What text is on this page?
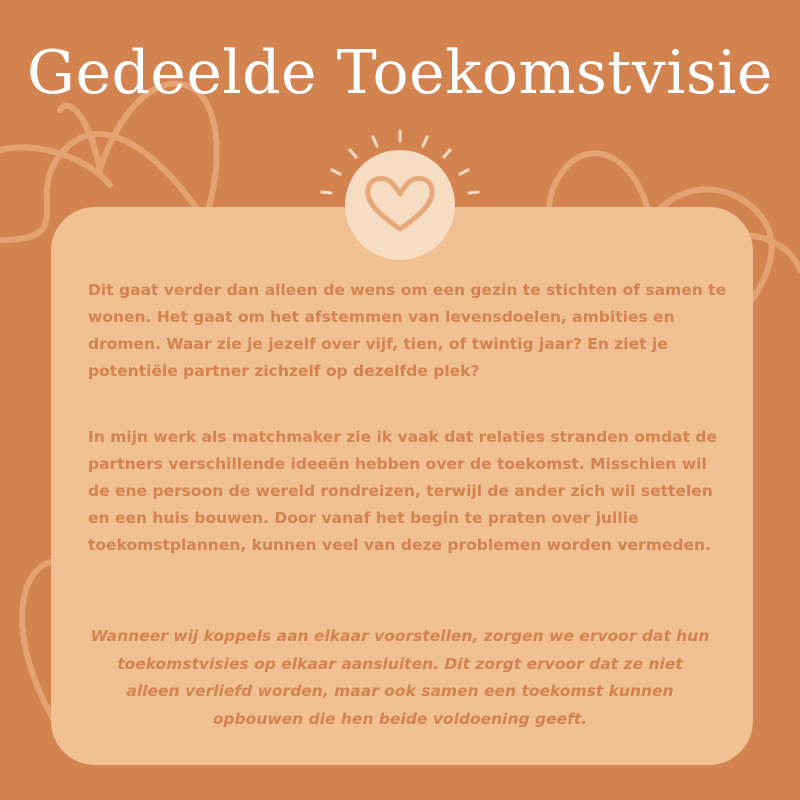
Gedeelde Toekomstvisie

Dit gaat verder dan alleen de wens om een gezin te stichten of samen te wonen. Het gaat om het afstemmen van levensdoelen, ambities en dromen. Waar zie je jezelf over vijf, tien, of twintig jaar? En ziet je potentiële partner zichzelf op dezelfde plek?

In mijn werk als matchmaker zie ik vaak dat relaties stranden omdat de partners verschillende ideeën hebben over de toekomst. Misschien wil de ene persoon de wereld rondreizen, terwijl de ander zich wil settelen en een huis bouwen. Door vanaf het begin te praten over jullie toekomstplannen, kunnen veel van deze problemen worden vermeden.

Wanneer wij koppels aan elkaar voorstellen, zorgen we ervoor dat hun toekomstvisies op elkaar aansluiten. Dit zorgt ervoor dat ze niet alleen verliefd worden, maar ook samen een toekomst kunnen opbouwen die hen beide voldoening geeft.
